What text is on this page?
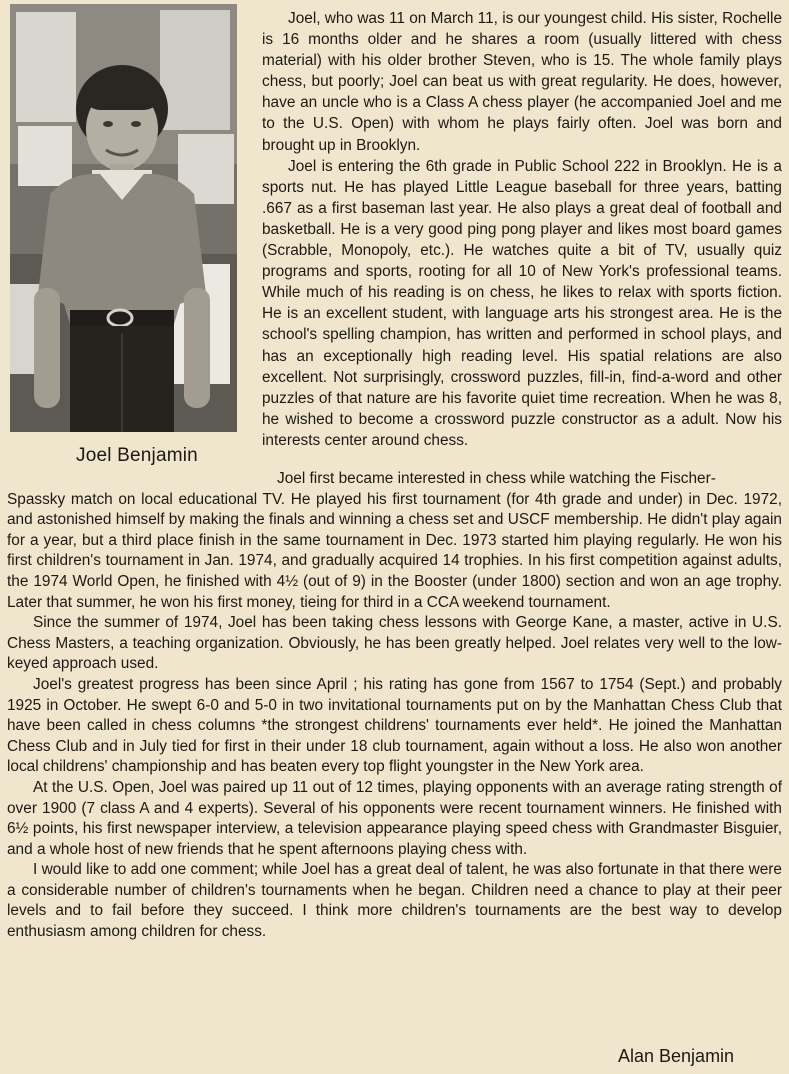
Joel Benjamin

Joel, who was 11 on March 11, is our youngest child. His sister, Rochelle is 16 months older and he shares a room (usually littered with chess material) with his older brother Steven, who is 15. The whole family plays chess, but poorly; Joel can beat us with great regularity. He does, however, have an uncle who is a Class A chess player (he accompanied Joel and me to the U.S. Open) with whom he plays fairly often. Joel was born and brought up in Brooklyn.

Joel is entering the 6th grade in Public School 222 in Brooklyn. He is a sports nut. He has played Little League baseball for three years, batting .667 as a first baseman last year. He also plays a great deal of football and basketball. He is a very good ping pong player and likes most board games (Scrabble, Monopoly, etc.). He watches quite a bit of TV, usually quiz programs and sports, rooting for all 10 of New York's professional teams. While much of his reading is on chess, he likes to relax with sports fiction. He is an excellent student, with language arts his strongest area. He is the school's spelling champion, has written and performed in school plays, and has an exceptionally high reading level. His spatial relations are also excellent. Not surprisingly, crossword puzzles, fill-in, find-a-word and other puzzles of that nature are his favorite quiet time recreation. When he was 8, he wished to become a crossword puzzle constructor as a adult. Now his interests center around chess.

Joel first became interested in chess while watching the Fischer-

Spassky match on local educational TV. He played his first tournament (for 4th grade and under) in Dec. 1972, and astonished himself by making the finals and winning a chess set and USCF membership. He didn't play again for a year, but a third place finish in the same tournament in Dec. 1973 started him playing regularly. He won his first children's tournament in Jan. 1974, and gradually acquired 14 trophies. In his first competition against adults, the 1974 World Open, he finished with 4½ (out of 9) in the Booster (under 1800) section and won an age trophy. Later that summer, he won his first money, tieing for third in a CCA weekend tournament.

Since the summer of 1974, Joel has been taking chess lessons with George Kane, a master, active in U.S. Chess Masters, a teaching organization. Obviously, he has been greatly helped. Joel relates very well to the low-keyed approach used.

Joel's greatest progress has been since April ; his rating has gone from 1567 to 1754 (Sept.) and probably 1925 in October. He swept 6-0 and 5-0 in two invitational tournaments put on by the Manhattan Chess Club that have been called in chess columns *the strongest childrens' tournaments ever held*. He joined the Manhattan Chess Club and in July tied for first in their under 18 club tournament, again without a loss. He also won another local childrens' championship and has beaten every top flight youngster in the New York area.

At the U.S. Open, Joel was paired up 11 out of 12 times, playing opponents with an average rating strength of over 1900 (7 class A and 4 experts). Several of his opponents were recent tournament winners. He finished with 6½ points, his first newspaper interview, a television appearance playing speed chess with Grandmaster Bisguier, and a whole host of new friends that he spent afternoons playing chess with.

I would like to add one comment; while Joel has a great deal of talent, he was also fortunate in that there were a considerable number of children's tournaments when he began. Children need a chance to play at their peer levels and to fail before they succeed. I think more children's tournaments are the best way to develop enthusiasm among children for chess.

Alan Benjamin
